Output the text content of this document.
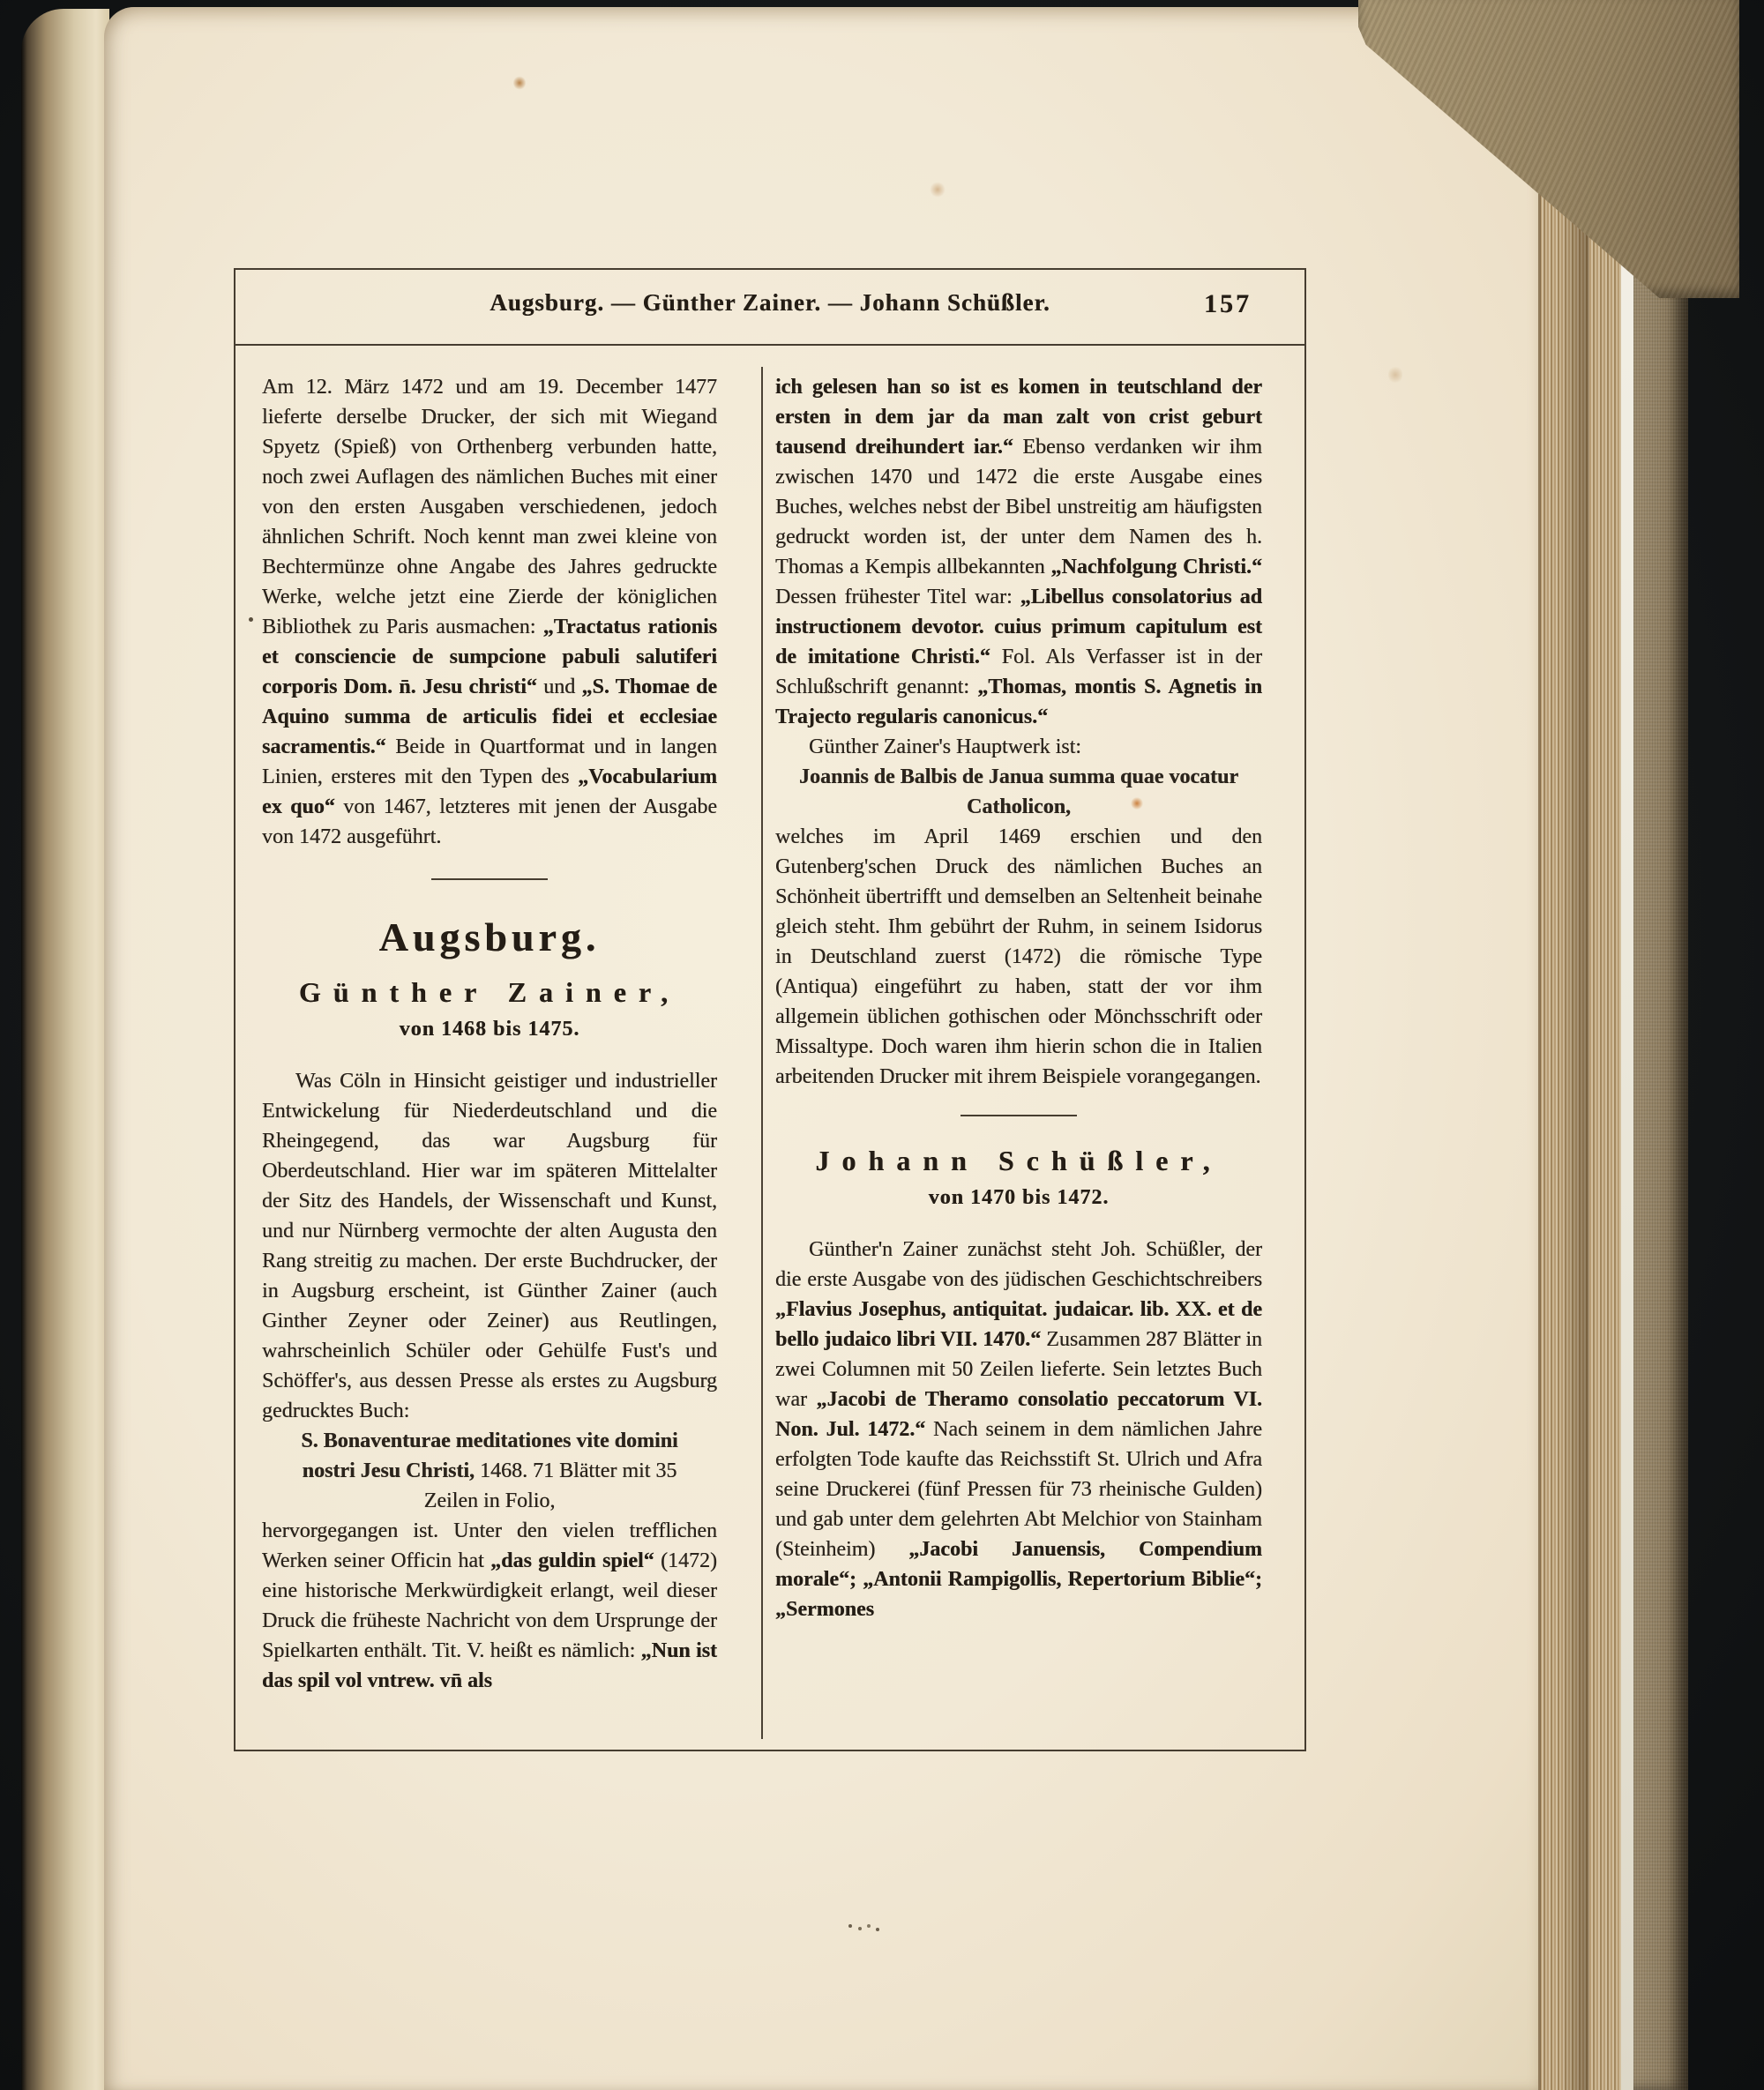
Augsburg. — Günther Zainer. — Johann Schüßler.	157

Am 12. März 1472 und am 19. December 1477 lieferte derselbe Drucker, der sich mit Wiegand Spyetz (Spieß) von Orthenberg verbunden hatte, noch zwei Auflagen des nämlichen Buches mit einer von den ersten Ausgaben verschiedenen, jedoch ähnlichen Schrift. Noch kennt man zwei kleine von Bechtermünze ohne Angabe des Jahres gedruckte Werke, welche jetzt eine Zierde der königlichen Bibliothek zu Paris ausmachen: „Tractatus rationis et consciencie de sumpcione pabuli salutiferi corporis Dom. n̄. Jesu christi“ und „S. Thomae de Aquino summa de articulis fidei et ecclesiae sacramentis.“ Beide in Quartformat und in langen Linien, ersteres mit den Typen des „Vocabularium ex quo“ von 1467, letzteres mit jenen der Ausgabe von 1472 ausgeführt.

Augsburg.
Günther Zainer,
von 1468 bis 1475.

Was Cöln in Hinsicht geistiger und industrieller Entwickelung für Niederdeutschland und die Rheingegend, das war Augsburg für Oberdeutschland. Hier war im späteren Mittelalter der Sitz des Handels, der Wissenschaft und Kunst, und nur Nürnberg vermochte der alten Augusta den Rang streitig zu machen. Der erste Buchdrucker, der in Augsburg erscheint, ist Günther Zainer (auch Ginther Zeyner oder Zeiner) aus Reutlingen, wahrscheinlich Schüler oder Gehülfe Fust's und Schöffer's, aus dessen Presse als erstes zu Augsburg gedrucktes Buch:

S. Bonaventurae meditationes vite domini nostri Jesu Christi, 1468. 71 Blätter mit 35 Zeilen in Folio,

hervorgegangen ist. Unter den vielen trefflichen Werken seiner Officin hat „das guldin spiel“ (1472) eine historische Merkwürdigkeit erlangt, weil dieser Druck die früheste Nachricht von dem Ursprunge der Spielkarten enthält. Tit. V. heißt es nämlich: „Nun ist das spil vol vntrew. vn̄ als

ich gelesen han so ist es komen in teutschland der ersten in dem jar da man zalt von crist geburt tausend dreihundert iar.“ Ebenso verdanken wir ihm zwischen 1470 und 1472 die erste Ausgabe eines Buches, welches nebst der Bibel unstreitig am häufigsten gedruckt worden ist, der unter dem Namen des h. Thomas a Kempis allbekannten „Nachfolgung Christi.“ Dessen frühester Titel war: „Libellus consolatorius ad instructionem devotor. cuius primum capitulum est de imitatione Christi.“ Fol. Als Verfasser ist in der Schlußschrift genannt: „Thomas, montis S. Agnetis in Trajecto regularis canonicus.“

Günther Zainer's Hauptwerk ist:

Joannis de Balbis de Janua summa quae vocatur Catholicon,

welches im April 1469 erschien und den Gutenberg'schen Druck des nämlichen Buches an Schönheit übertrifft und demselben an Seltenheit beinahe gleich steht. Ihm gebührt der Ruhm, in seinem Isidorus in Deutschland zuerst (1472) die römische Type (Antiqua) eingeführt zu haben, statt der vor ihm allgemein üblichen gothischen oder Mönchsschrift oder Missaltype. Doch waren ihm hierin schon die in Italien arbeitenden Drucker mit ihrem Beispiele vorangegangen.

Johann Schüßler,
von 1470 bis 1472.

Günther'n Zainer zunächst steht Joh. Schüßler, der die erste Ausgabe von des jüdischen Geschichtschreibers „Flavius Josephus, antiquitat. judaicar. lib. XX. et de bello judaico libri VII. 1470.“ Zusammen 287 Blätter in zwei Columnen mit 50 Zeilen lieferte. Sein letztes Buch war „Jacobi de Theramo consolatio peccatorum VI. Non. Jul. 1472.“ Nach seinem in dem nämlichen Jahre erfolgten Tode kaufte das Reichsstift St. Ulrich und Afra seine Druckerei (fünf Pressen für 73 rheinische Gulden) und gab unter dem gelehrten Abt Melchior von Stainham (Steinheim) „Jacobi Januensis, Compendium morale“; „Antonii Rampigollis, Repertorium Biblie“; „Sermones
